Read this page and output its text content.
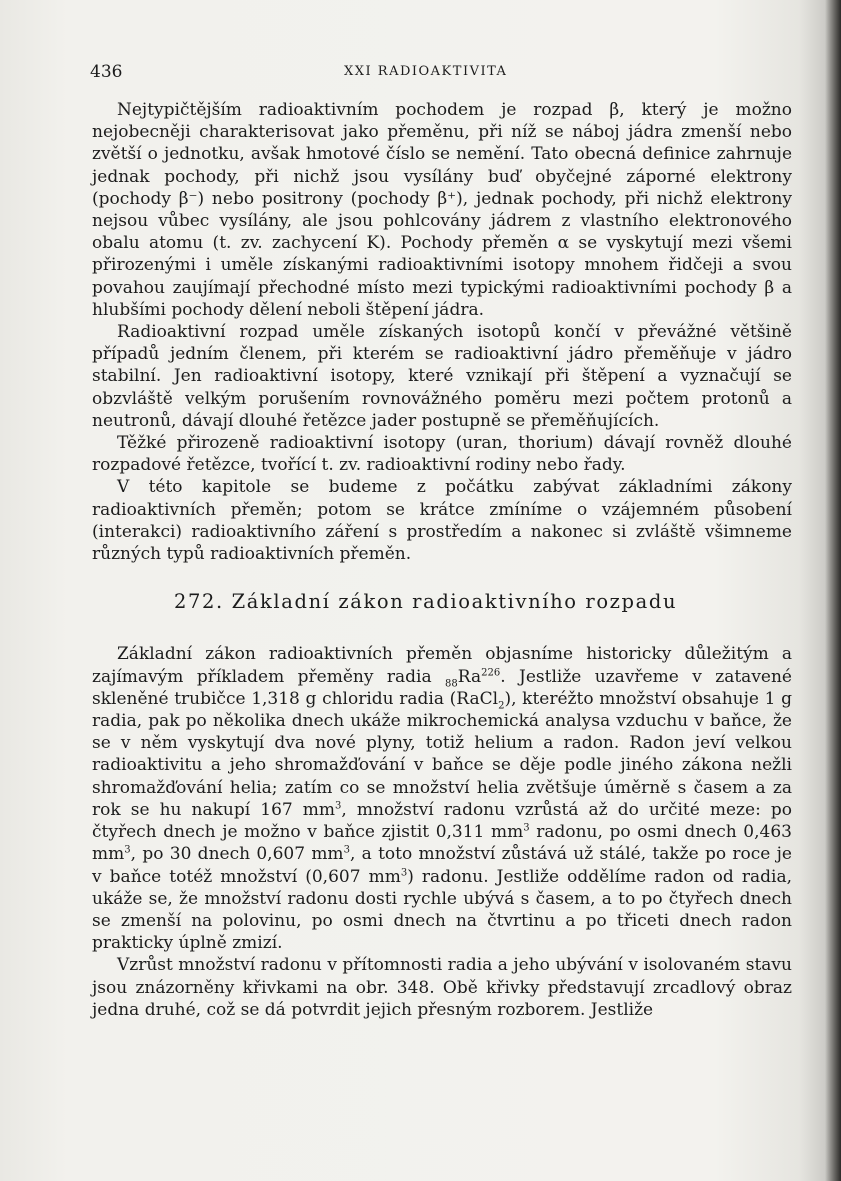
436	XXI RADIOAKTIVITA

Nejtypičtějším radioaktivním pochodem je rozpad β, který je možno nejobecněji charakterisovat jako přeměnu, při níž se náboj jádra zmenší nebo zvětší o jednotku, avšak hmotové číslo se nemění. Tato obecná definice zahrnuje jednak pochody, při nichž jsou vysílány buď obyčejné záporné elektrony (pochody β⁻) nebo positrony (pochody β⁺), jednak pochody, při nichž elektrony nejsou vůbec vysílány, ale jsou pohlcovány jádrem z vlastního elektronového obalu atomu (t. zv. zachycení K). Pochody přeměn α se vyskytují mezi všemi přirozenými i uměle získanými radioaktivními isotopy mnohem řidčeji a svou povahou zaujímají přechodné místo mezi typickými radioaktivními pochody β a hlubšími pochody dělení neboli štěpení jádra.

Radioaktivní rozpad uměle získaných isotopů končí v převážné většině případů jedním členem, při kterém se radioaktivní jádro přeměňuje v jádro stabilní. Jen radioaktivní isotopy, které vznikají při štěpení a vyznačují se obzvláště velkým porušením rovnovážného poměru mezi počtem protonů a neutronů, dávají dlouhé řetězce jader postupně se přeměňujících.

Těžké přirozeně radioaktivní isotopy (uran, thorium) dávají rovněž dlouhé rozpadové řetězce, tvořící t. zv. radioaktivní rodiny nebo řady.

V této kapitole se budeme z počátku zabývat základními zákony radioaktivních přeměn; potom se krátce zmíníme o vzájemném působení (interakci) radioaktivního záření s prostředím a nakonec si zvláště všimneme různých typů radioaktivních přeměn.

272. Základní zákon radioaktivního rozpadu

Základní zákon radioaktivních přeměn objasníme historicky důležitým a zajímavým příkladem přeměny radia $_{88}Ra^{226}$. Jestliže uzavřeme v zatavené skleněné trubičce 1,318 g chloridu radia (RaCl$_2$), kteréžto množství obsahuje 1 g radia, pak po několika dnech ukáže mikrochemická analysa vzduchu v baňce, že se v něm vyskytují dva nové plyny, totiž helium a radon. Radon jeví velkou radioaktivitu a jeho shromažďování v baňce se děje podle jiného zákona nežli shromažďování helia; zatím co se množství helia zvětšuje úměrně s časem a za rok se hu nakupí 167 $mm^3$, množství radonu vzrůstá až do určité meze: po čtyřech dnech je možno v baňce zjistit 0,311 $mm^3$ radonu, po osmi dnech 0,463 $mm^3$, po 30 dnech 0,607 $mm^3$, a toto množství zůstává už stálé, takže po roce je v baňce totéž množství (0,607 $mm^3$) radonu. Jestliže oddělíme radon od radia, ukáže se, že množství radonu dosti rychle ubývá s časem, a to po čtyřech dnech se zmenší na polovinu, po osmi dnech na čtvrtinu a po třiceti dnech radon prakticky úplně zmizí.

Vzrůst množství radonu v přítomnosti radia a jeho ubývání v isolovaném stavu jsou znázorněny křivkami na obr. 348. Obě křivky představují zrcadlový obraz jedna druhé, což se dá potvrdit jejich přesným rozborem. Jestliže
